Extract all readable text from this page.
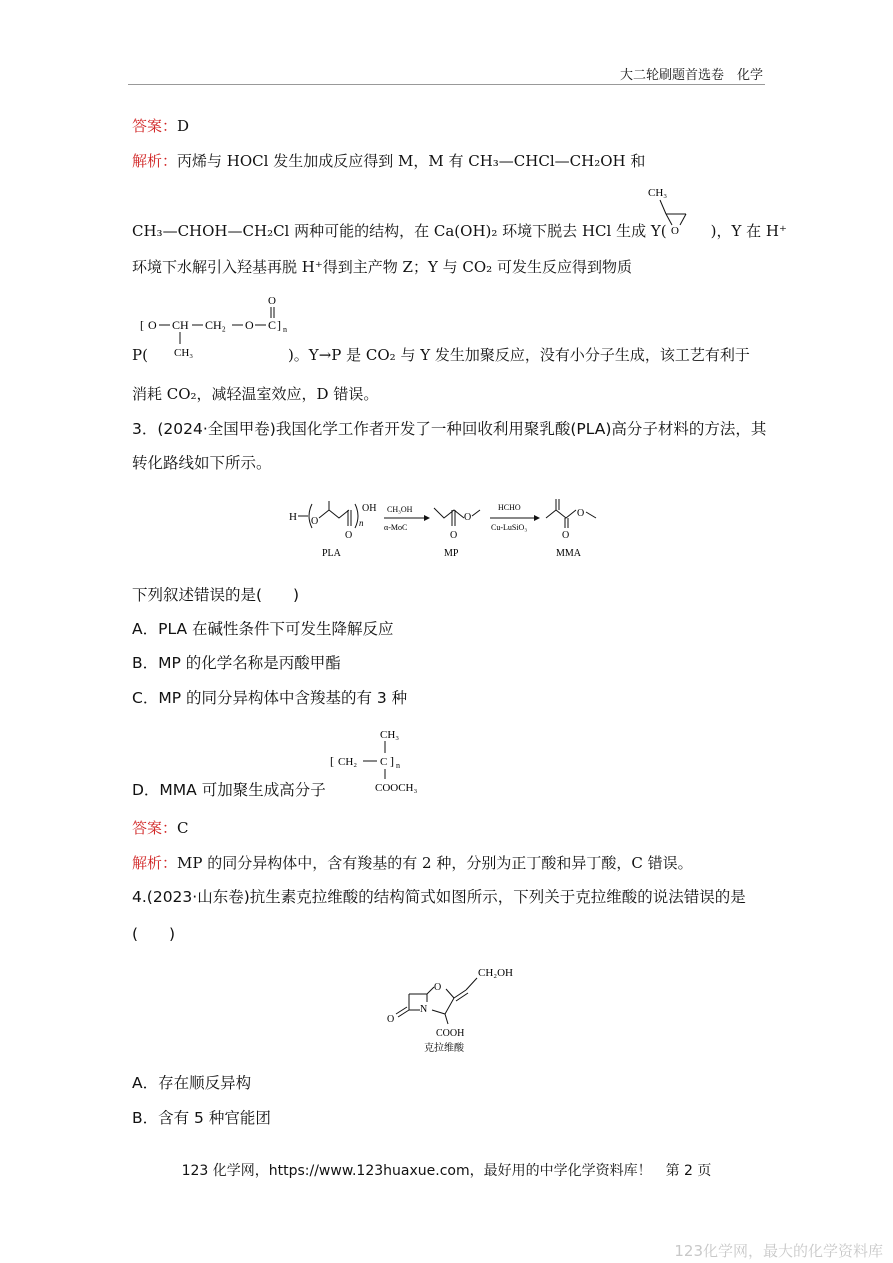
大二轮刷题首选卷　化学
答案：D
解析：丙烯与 HOCl 发生加成反应得到 M，M 有 CH₃—CHCl—CH₂OH 和
CH₃—CHOH—CH₂Cl 两种可能的结构，在 Ca(OH)₂ 环境下脱去 HCl 生成 Y(	)，Y 在 H⁺
CH₃
O
环境下水解引入羟基再脱 H⁺得到主产物 Z；Y 与 CO₂ 可发生反应得到物质
[ O CH CH₂ O C ] n
O
CH₃
P(	)。Y→P 是 CO₂ 与 Y 发生加聚反应，没有小分子生成，该工艺有利于
消耗 CO₂，减轻温室效应，D 错误。
3．(2024·全国甲卷)我国化学工作者开发了一种回收利用聚乳酸(PLA)高分子材料的方法，其
转化路线如下所示。
H O
O
n
OH
PLA
CH₃OH
α-MoC
O
O
MP
HCHO
Cu-LuSiO₃
O
O
MMA
下列叙述错误的是(　　)
A．PLA 在碱性条件下可发生降解反应
B．MP 的化学名称是丙酸甲酯
C．MP 的同分异构体中含羧基的有 3 种
CH₃
[ CH₂ C ] n
COOCH₃
D．MMA 可加聚生成高分子
答案：C
解析：MP 的同分异构体中，含有羧基的有 2 种，分别为正丁酸和异丁酸，C 错误。
4.(2023·山东卷)抗生素克拉维酸的结构简式如图所示，下列关于克拉维酸的说法错误的是
(　　)
CH₂OH
O
N
O
COOH
克拉维酸
A．存在顺反异构
B．含有 5 种官能团
123 化学网，https://www.123huaxue.com，最好用的中学化学资料库！　第 2 页
123化学网，最大的化学资料库
